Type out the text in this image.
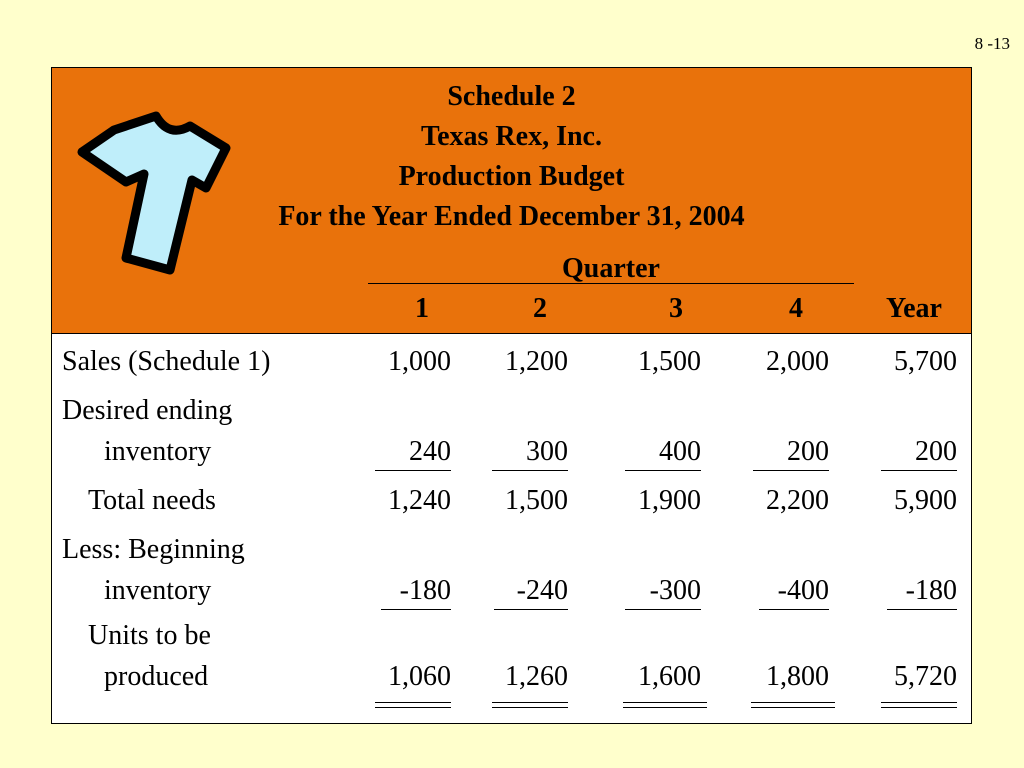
8 -13
Schedule 2
Texas Rex, Inc.
Production Budget
For the Year Ended December 31, 2004
Quarter
1	2	3	4	Year
Sales (Schedule 1)	1,000 1,200	1,500 2,000 5,700
Desired ending
inventory	240	300	400	200	200
Total needs	1,240 1,500	1,900 2,200 5,900
Less: Beginning
inventory	-180	-240	-300	-400	-180
Units to be
produced	1,060 1,260	1,600 1,800 5,720
